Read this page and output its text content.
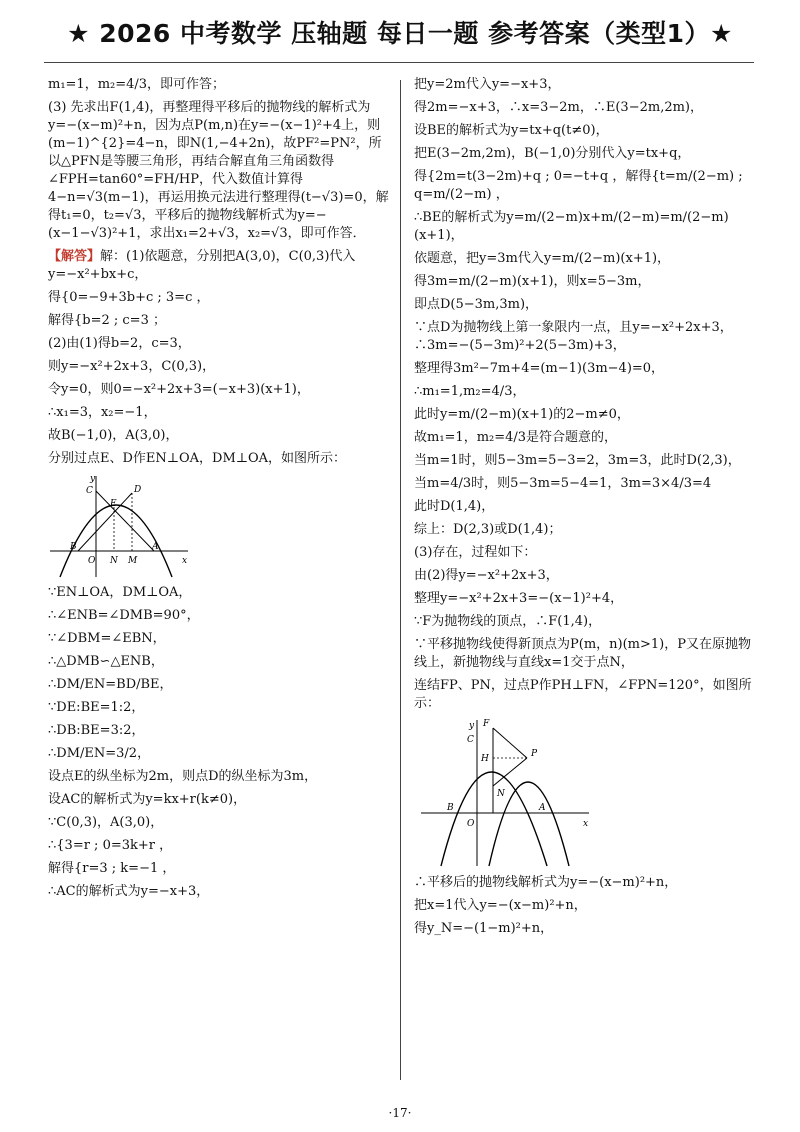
★ 2026 中考数学 压轴题 每日一题 参考答案（类型1）★

m₁=1，m₂=4/3，即可作答；

(3) 先求出F(1,4)，再整理得平移后的抛物线的解析式为y=−(x−m)²+n，因为点P(m,n)在y=−(x−1)²+4上，则(m−1)^{2}=4−n，即N(1,−4+2n)，故PF²=PN²，所以△PFN是等腰三角形，再结合解直角三角函数得∠FPH=tan60°=FH/HP，代入数值计算得4−n=√3(m−1)，再运用换元法进行整理得(t−√3)=0，解得t₁=0，t₂=√3，平移后的抛物线解析式为y=−(x−1−√3)²+1，求出x₁=2+√3，x₂=√3，即可作答．

【解答】解：(1)依题意，分别把A(3,0)，C(0,3)代入y=−x²+bx+c，

得{0=−9+3b+c ; 3=c ，

解得{b=2 ; c=3 ；

(2)由(1)得b=2，c=3，

则y=−x²+2x+3，C(0,3)，

令y=0，则0=−x²+2x+3=(−x+3)(x+1)，

∴x₁=3，x₂=−1，

故B(−1,0)，A(3,0)，

分别过点E、D作EN⊥OA，DM⊥OA，如图所示：

y
C
E
D
B
O N M
A
x

∵EN⊥OA，DM⊥OA，

∴∠ENB=∠DMB=90°，

∵∠DBM=∠EBN，

∴△DMB∽△ENB，

∴DM/EN=BD/BE，

∵DE:BE=1:2，

∴DB:BE=3:2，

∴DM/EN=3/2，

设点E的纵坐标为2m，则点D的纵坐标为3m，

设AC的解析式为y=kx+r(k≠0)，

∵C(0,3)，A(3,0)，

∴{3=r ; 0=3k+r ，

解得{r=3 ; k=−1 ，

∴AC的解析式为y=−x+3，

把y=2m代入y=−x+3，

得2m=−x+3，∴x=3−2m，∴E(3−2m,2m)，

设BE的解析式为y=tx+q(t≠0)，

把E(3−2m,2m)，B(−1,0)分别代入y=tx+q，

得{2m=t(3−2m)+q ; 0=−t+q ，解得{t=m/(2−m) ; q=m/(2−m) ，

∴BE的解析式为y=m/(2−m)x+m/(2−m)=m/(2−m)(x+1)，

依题意，把y=3m代入y=m/(2−m)(x+1)，

得3m=m/(2−m)(x+1)，则x=5−3m，

即点D(5−3m,3m)，

∵点D为抛物线上第一象限内一点，且y=−x²+2x+3，∴3m=−(5−3m)²+2(5−3m)+3，

整理得3m²−7m+4=(m−1)(3m−4)=0，

∴m₁=1,m₂=4/3，

此时y=m/(2−m)(x+1)的2−m≠0，

故m₁=1，m₂=4/3是符合题意的，

当m=1时，则5−3m=5−3=2，3m=3，此时D(2,3)，

当m=4/3时，则5−3m=5−4=1，3m=3×4/3=4

此时D(1,4)，

综上：D(2,3)或D(1,4)；

(3)存在，过程如下：

由(2)得y=−x²+2x+3，

整理y=−x²+2x+3=−(x−1)²+4，

∵F为抛物线的顶点，∴F(1,4)，

∵平移抛物线使得新顶点为P(m，n)(m>1)，P又在原抛物线上，新抛物线与直线x=1交于点N，

连结FP、PN，过点P作PH⊥FN，∠FPN=120°，如图所示：

y F
C
H	P
N
B
O
A
x

∴平移后的抛物线解析式为y=−(x−m)²+n，

把x=1代入y=−(x−m)²+n，

得y_N=−(1−m)²+n，

·17·
